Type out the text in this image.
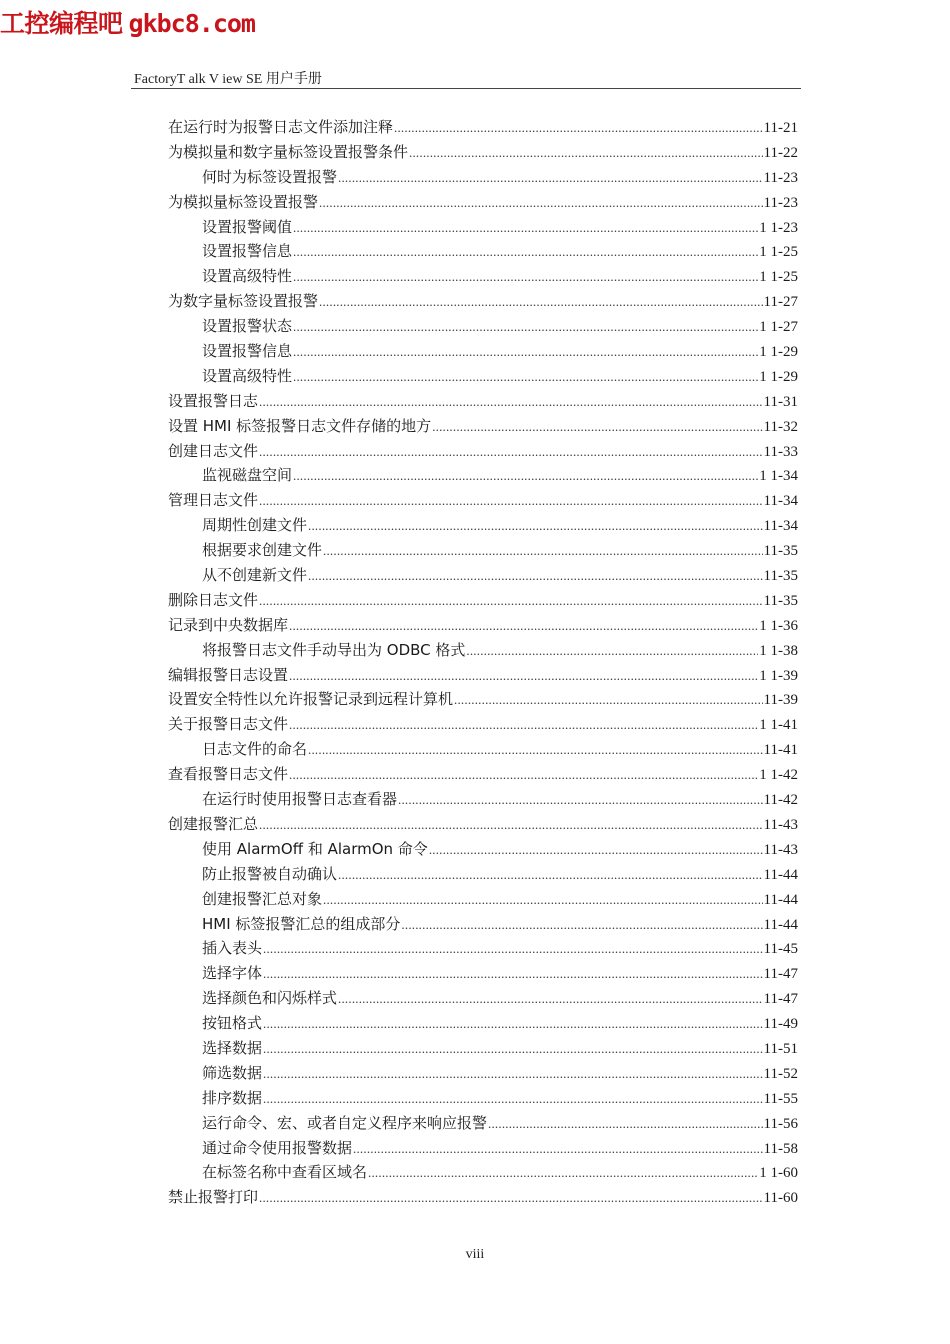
工控编程吧 gkbc8.com
FactoryT alk V iew SE 用户手册
在运行时为报警日志文件添加注释 .....	11-21
为模拟量和数字量标签设置报警条件 .....	11-22
何时为标签设置报警 .....	11-23
为模拟量标签设置报警 .....	11-23
设置报警阈值 .....	1 1-23
设置报警信息 .....	1 1-25
设置高级特性 .....	1 1-25
为数字量标签设置报警 .....	11-27
设置报警状态 .....	1 1-27
设置报警信息 .....	1 1-29
设置高级特性 .....	1 1-29
设置报警日志 .....	11-31
设置 HMI 标签报警日志文件存储的地方 .....	11-32
创建日志文件 .....	11-33
监视磁盘空间 .....	1 1-34
管理日志文件 .....	11-34
周期性创建文件 .....	11-34
根据要求创建文件 .....	11-35
从不创建新文件 .....	11-35
删除日志文件 .....	11-35
记录到中央数据库 .....	1 1-36
将报警日志文件手动导出为 ODBC 格式 .....	1 1-38
编辑报警日志设置 .....	1 1-39
设置安全特性以允许报警记录到远程计算机 .....	11-39
关于报警日志文件 .....	1 1-41
日志文件的命名 .....	11-41
查看报警日志文件 .....	1 1-42
在运行时使用报警日志查看器 .....	11-42
创建报警汇总 .....	11-43
使用 AlarmOff 和 AlarmOn 命令 .....	11-43
防止报警被自动确认 .....	11-44
创建报警汇总对象 .....	11-44
HMI 标签报警汇总的组成部分 .....	11-44
插入表头 .....	11-45
选择字体 .....	11-47
选择颜色和闪烁样式 .....	11-47
按钮格式 .....	11-49
选择数据 .....	11-51
筛选数据 .....	11-52
排序数据 .....	11-55
运行命令、宏、或者自定义程序来响应报警 .....	11-56
通过命令使用报警数据 .....	11-58
在标签名称中查看区域名 .....	1 1-60
禁止报警打印 .....	11-60
viii
